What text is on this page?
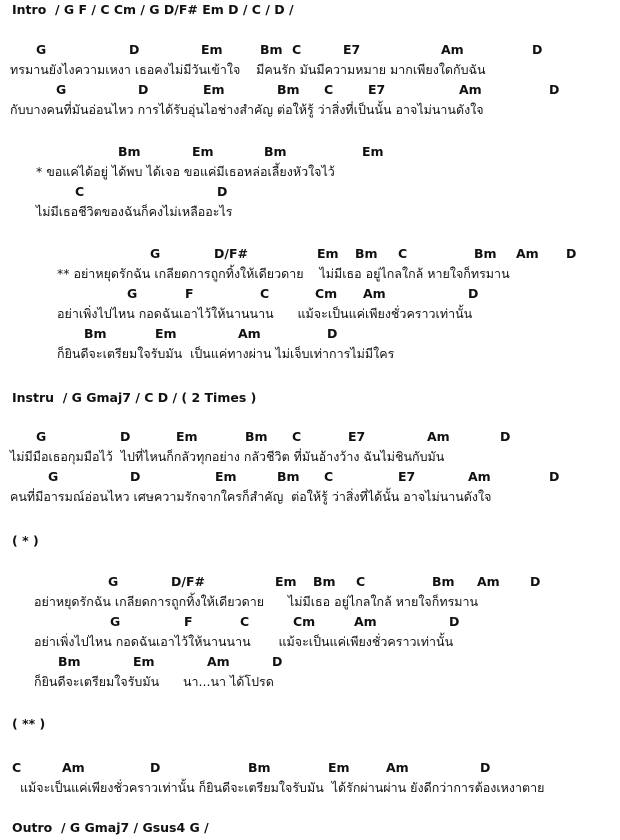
Intro  / G F / C Cm / G D/F# Em D / C / D /
G	D	Em	Bm C	E7	Am	D
ทรมานยังไงความเหงา เธอคงไม่มีวันเข้าใจ    มีคนรัก มันมีความหมาย มากเพียงใดกับฉัน
G	D	Em	Bm C	E7	Am	D
กับบางคนที่มันอ่อนไหว การได้รับอุ่นไอช่างสำคัญ ต่อให้รู้ ว่าสิ่งที่เป็นนั้น อาจไม่นานดังใจ
Bm	Em	Bm	Em
* ขอแค่ได้อยู่ ได้พบ ได้เจอ ขอแค่มีเธอหล่อเลี้ยงหัวใจไว้
C	D
ไม่มีเธอชีวิตของฉันก็คงไม่เหลืออะไร
G	D/F#	Em Bm C	Bm Am D
** อย่าหยุดรักฉัน เกลียดการถูกทิ้งให้เดียวดาย    ไม่มีเธอ อยู่ไกลใกล้ หายใจก็ทรมาน
G	F	C	Cm Am	D
อย่าเพิ่งไปไหน กอดฉันเอาไว้ให้นานนาน      แม้จะเป็นแค่เพียงชั่วคราวเท่านั้น
Bm	Em	Am	D
ก็ยินดีจะเตรียมใจรับมัน  เป็นแค่ทางผ่าน ไม่เจ็บเท่าการไม่มีใคร
Instru  / G Gmaj7 / C D / ( 2 Times )
G	D	Em	Bm C	E7	Am	D
ไม่มีมือเธอกุมมือไว้  ไปที่ไหนก็กลัวทุกอย่าง กลัวชีวิต ที่มันอ้างว้าง ฉันไม่ชินกับมัน
G	D	Em	Bm C	E7	Am	D
คนที่มีอารมณ์อ่อนไหว เศษความรักจากใครก็สำคัญ  ต่อให้รู้ ว่าสิ่งที่ได้นั้น อาจไม่นานดังใจ
( * )
G	D/F#	Em Bm C	Bm Am D
อย่าหยุดรักฉัน เกลียดการถูกทิ้งให้เดียวดาย      ไม่มีเธอ อยู่ไกลใกล้ หายใจก็ทรมาน
G	F	C	Cm	Am	D
อย่าเพิ่งไปไหน กอดฉันเอาไว้ให้นานนาน       แม้จะเป็นแค่เพียงชั่วคราวเท่านั้น
Bm	Em	Am	D
ก็ยินดีจะเตรียมใจรับมัน      นา...นา ได้โปรด
( ** )
C	Am	D	Bm	Em	Am	D
แม้จะเป็นแค่เพียงชั่วคราวเท่านั้น ก็ยินดีจะเตรียมใจรับมัน  ได้รักผ่านผ่าน ยังดีกว่าการต้องเหงาตาย
Outro  / G Gmaj7 / Gsus4 G /
